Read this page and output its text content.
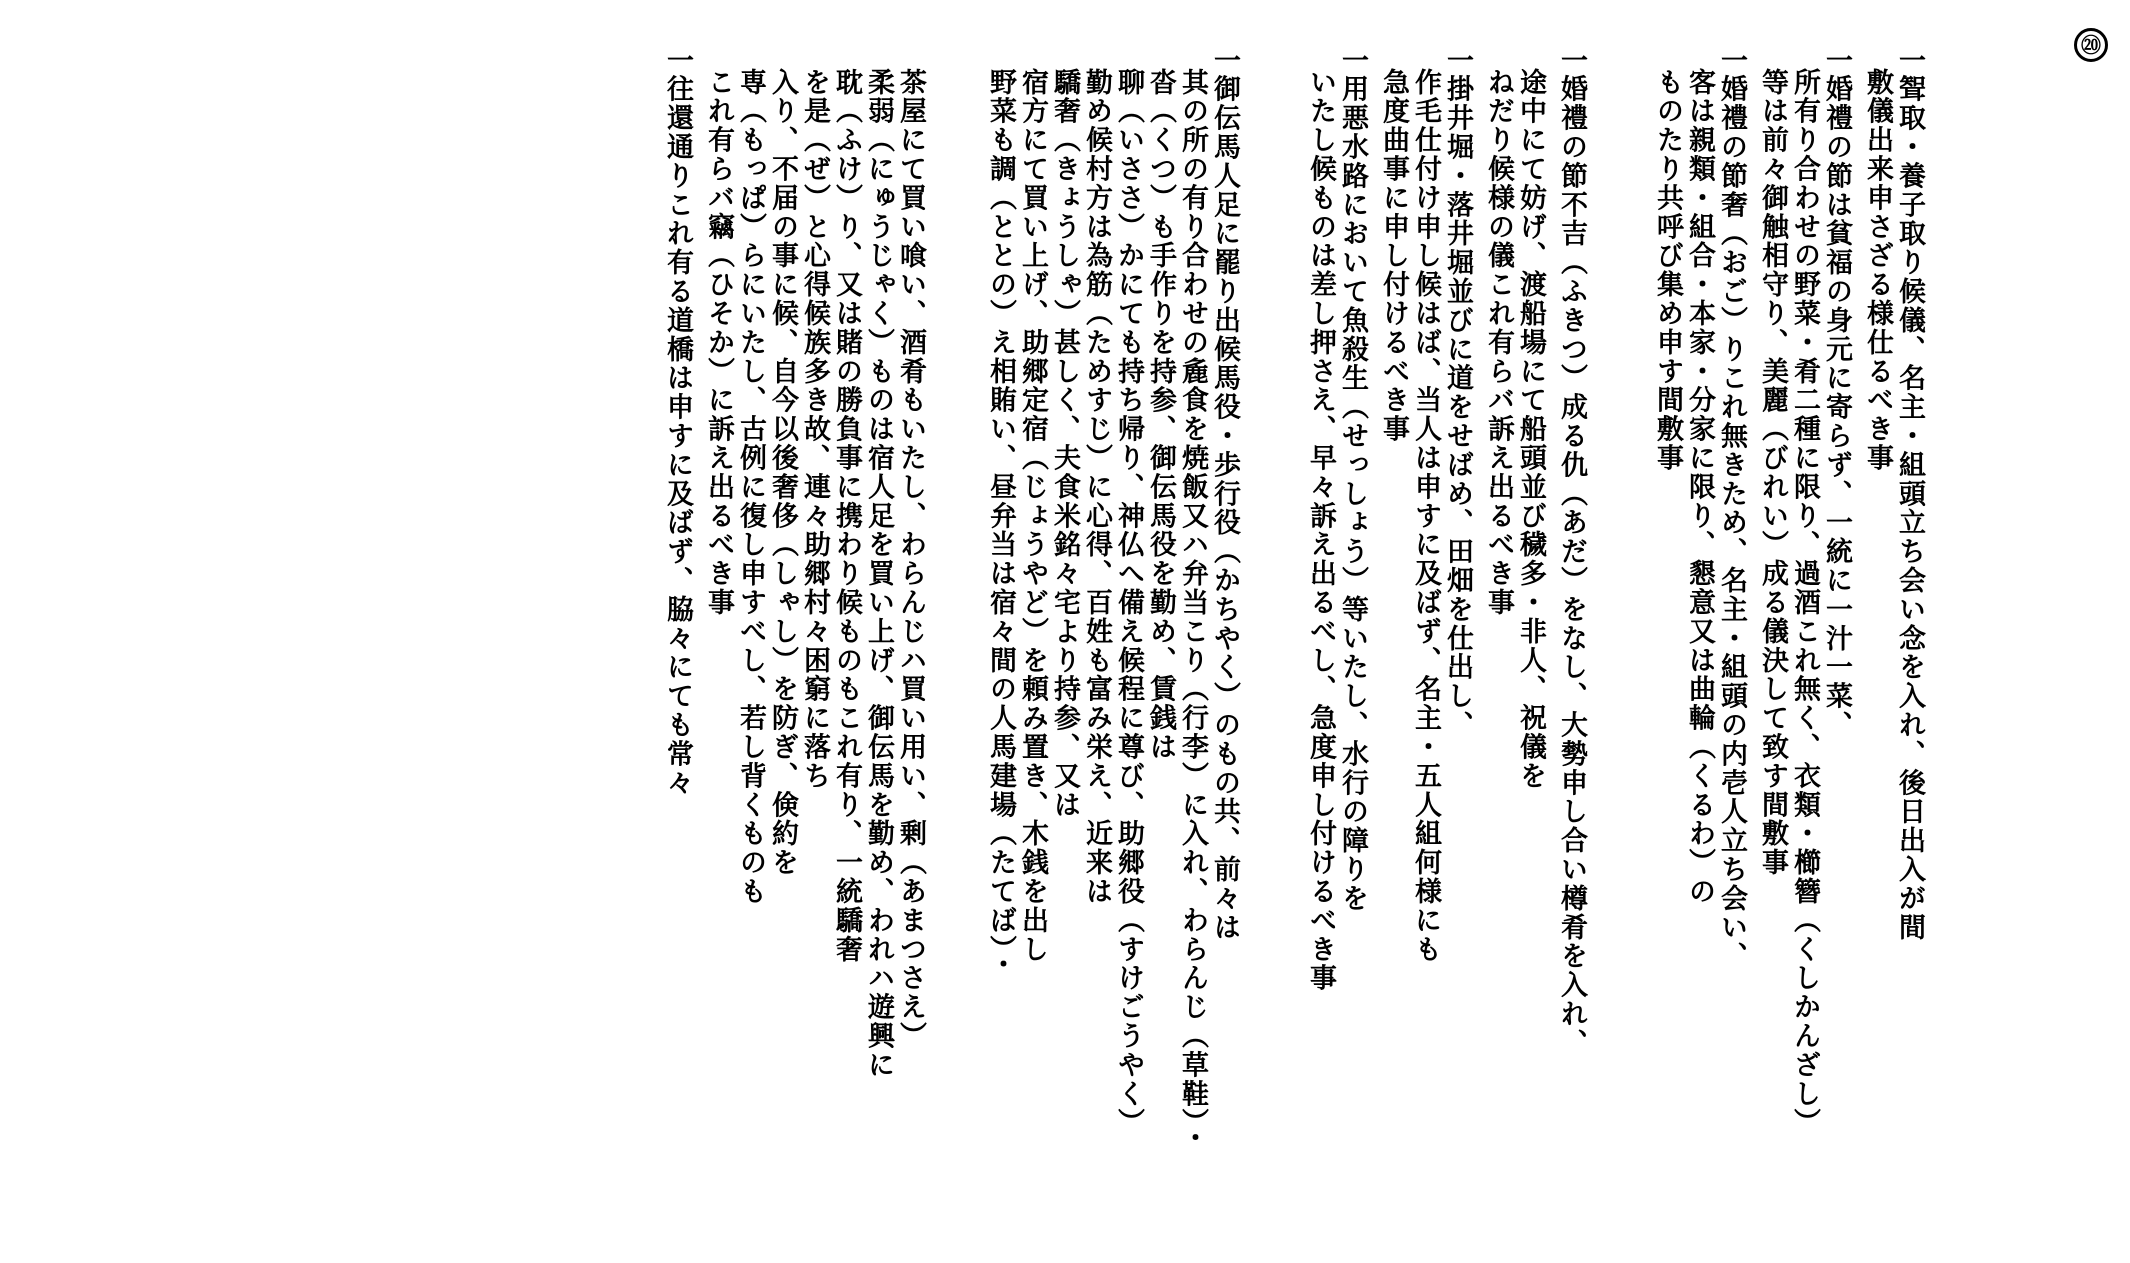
⑳
一聟取・養子取り候儀、名主・組頭立ち会い念を入れ、後日出入が間
敷儀出来申さざる様仕るべき事
一婚禮の節は貧福の身元に寄らず、一統に一汁一菜、
所有り合わせの野菜・肴二種に限り、過酒これ無く、衣類・櫛簪（くしかんざし）
等は前々御触相守り、美麗（びれい）成る儀決して致す間敷事
一婚禮の節奢（おご）りこれ無きため、名主・組頭の内壱人立ち会い、
客は親類・組合・本家・分家に限り、懇意又は曲輪（くるわ）の
ものたり共呼び集め申す間敷事
一婚禮の節不吉（ふきつ）成る仇（あだ）をなし、大勢申し合い樽肴を入れ、
途中にて妨げ、渡船場にて船頭並び穢多・非人、祝儀を
ねだり候様の儀これ有らバ訴え出るべき事
一掛井堀・落井堀並びに道をせばめ、田畑を仕出し、
作毛仕付け申し候はば、当人は申すに及ばず、名主・五人組何様にも
急度曲事に申し付けるべき事
一用悪水路において魚殺生（せっしょう）等いたし、水行の障りを
いたし候ものは差し押さえ、早々訴え出るべし、急度申し付けるべき事
一御伝馬人足に罷り出候馬役・歩行役（かちやく）のもの共、前々は
其の所の有り合わせの麁食を焼飯又ハ弁当こり（行李）に入れ、わらんじ（草鞋）・
沓（くつ）も手作りを持参、御伝馬役を勤め、賃銭は
聊（いささ）かにても持ち帰り、神仏へ備え候程に尊び、助郷役（すけごうやく）
勤め候村方は為筋（ためすじ）に心得、百姓も富み栄え、近来は
驕奢（きょうしゃ）甚しく、夫食米銘々宅より持参、又は
宿方にて買い上げ、助郷定宿（じょうやど）を頼み置き、木銭を出し
野菜も調（ととの）え相賄い、昼弁当は宿々間の人馬建場（たてば）・
茶屋にて買い喰い、酒肴もいたし、わらんじハ買い用い、剰（あまつさえ）
柔弱（にゅうじゃく）ものは宿人足を買い上げ、御伝馬を勤め、われハ遊興に
耽（ふけ）り、又は賭の勝負事に携わり候ものもこれ有り、一統驕奢
を是（ぜ）と心得候族多き故、連々助郷村々困窮に落ち
入り、不届の事に候、自今以後奢侈（しゃし）を防ぎ、倹約を
専（もっぱ）らにいたし、古例に復し申すべし、若し背くものも
これ有らバ竊（ひそか）に訴え出るべき事
一往還通りこれ有る道橋は申すに及ばず、脇々にても常々
